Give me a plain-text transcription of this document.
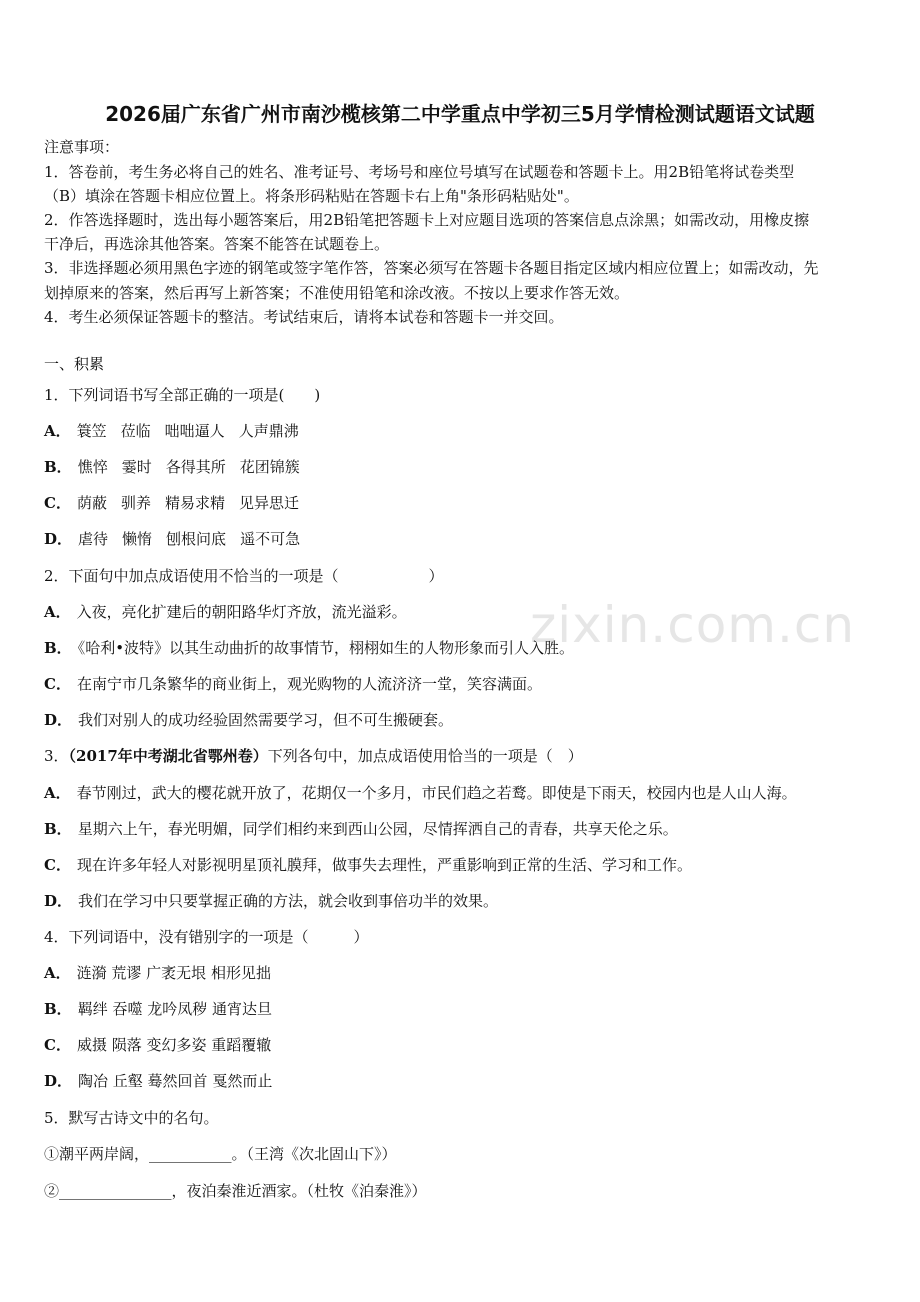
zixin.com.cn
2026届广东省广州市南沙榄核第二中学重点中学初三5月学情检测试题语文试题
注意事项：
1．答卷前，考生务必将自己的姓名、准考证号、考场号和座位号填写在试题卷和答题卡上。用2B铅笔将试卷类型
（B）填涂在答题卡相应位置上。将条形码粘贴在答题卡右上角"条形码粘贴处"。
2．作答选择题时，选出每小题答案后，用2B铅笔把答题卡上对应题目选项的答案信息点涂黑；如需改动，用橡皮擦
干净后，再选涂其他答案。答案不能答在试题卷上。
3．非选择题必须用黑色字迹的钢笔或签字笔作答，答案必须写在答题卡各题目指定区域内相应位置上；如需改动，先
划掉原来的答案，然后再写上新答案；不准使用铅笔和涂改液。不按以上要求作答无效。
4．考生必须保证答题卡的整洁。考试结束后，请将本试卷和答题卡一并交回。
一、积累
1．下列词语书写全部正确的一项是(　　)
A． 簑笠 莅临 咄咄逼人 人声鼎沸
B． 憔悴 霎时 各得其所 花团锦簇
C． 荫蔽 驯养 精易求精 见异思迁
D． 虐待 懒惰 刨根问底 遥不可急
2．下面句中加点成语使用不恰当的一项是（　　　　　　）
A． 入夜，亮化扩建后的朝阳路华灯齐放，流光溢彩。
B． 《哈利•波特》以其生动曲折的故事情节，栩栩如生的人物形象而引人入胜。
C． 在南宁市几条繁华的商业街上，观光购物的人流济济一堂，笑容满面。
D． 我们对别人的成功经验固然需要学习，但不可生搬硬套。
3．（2017年中考湖北省鄂州卷）下列各句中，加点成语使用恰当的一项是（　）
A． 春节刚过，武大的樱花就开放了，花期仅一个多月，市民们趋之若鹜。即使是下雨天，校园内也是人山人海。
B． 星期六上午，春光明媚，同学们相约来到西山公园，尽情挥洒自己的青春，共享天伦之乐。
C． 现在许多年轻人对影视明星顶礼膜拜，做事失去理性，严重影响到正常的生活、学习和工作。
D． 我们在学习中只要掌握正确的方法，就会收到事倍功半的效果。
4．下列词语中，没有错别字的一项是（　　　）
A． 涟漪 荒谬 广袤无垠 相形见拙
B． 羁绊 吞噬 龙吟凤秽 通宵达旦
C． 威摄 陨落 变幻多姿 重蹈覆辙
D． 陶冶 丘壑 蓦然回首 戛然而止
5．默写古诗文中的名句。
①潮平两岸阔，___________。（王湾《次北固山下》）
②_______________，夜泊秦淮近酒家。（杜牧《泊秦淮》）
